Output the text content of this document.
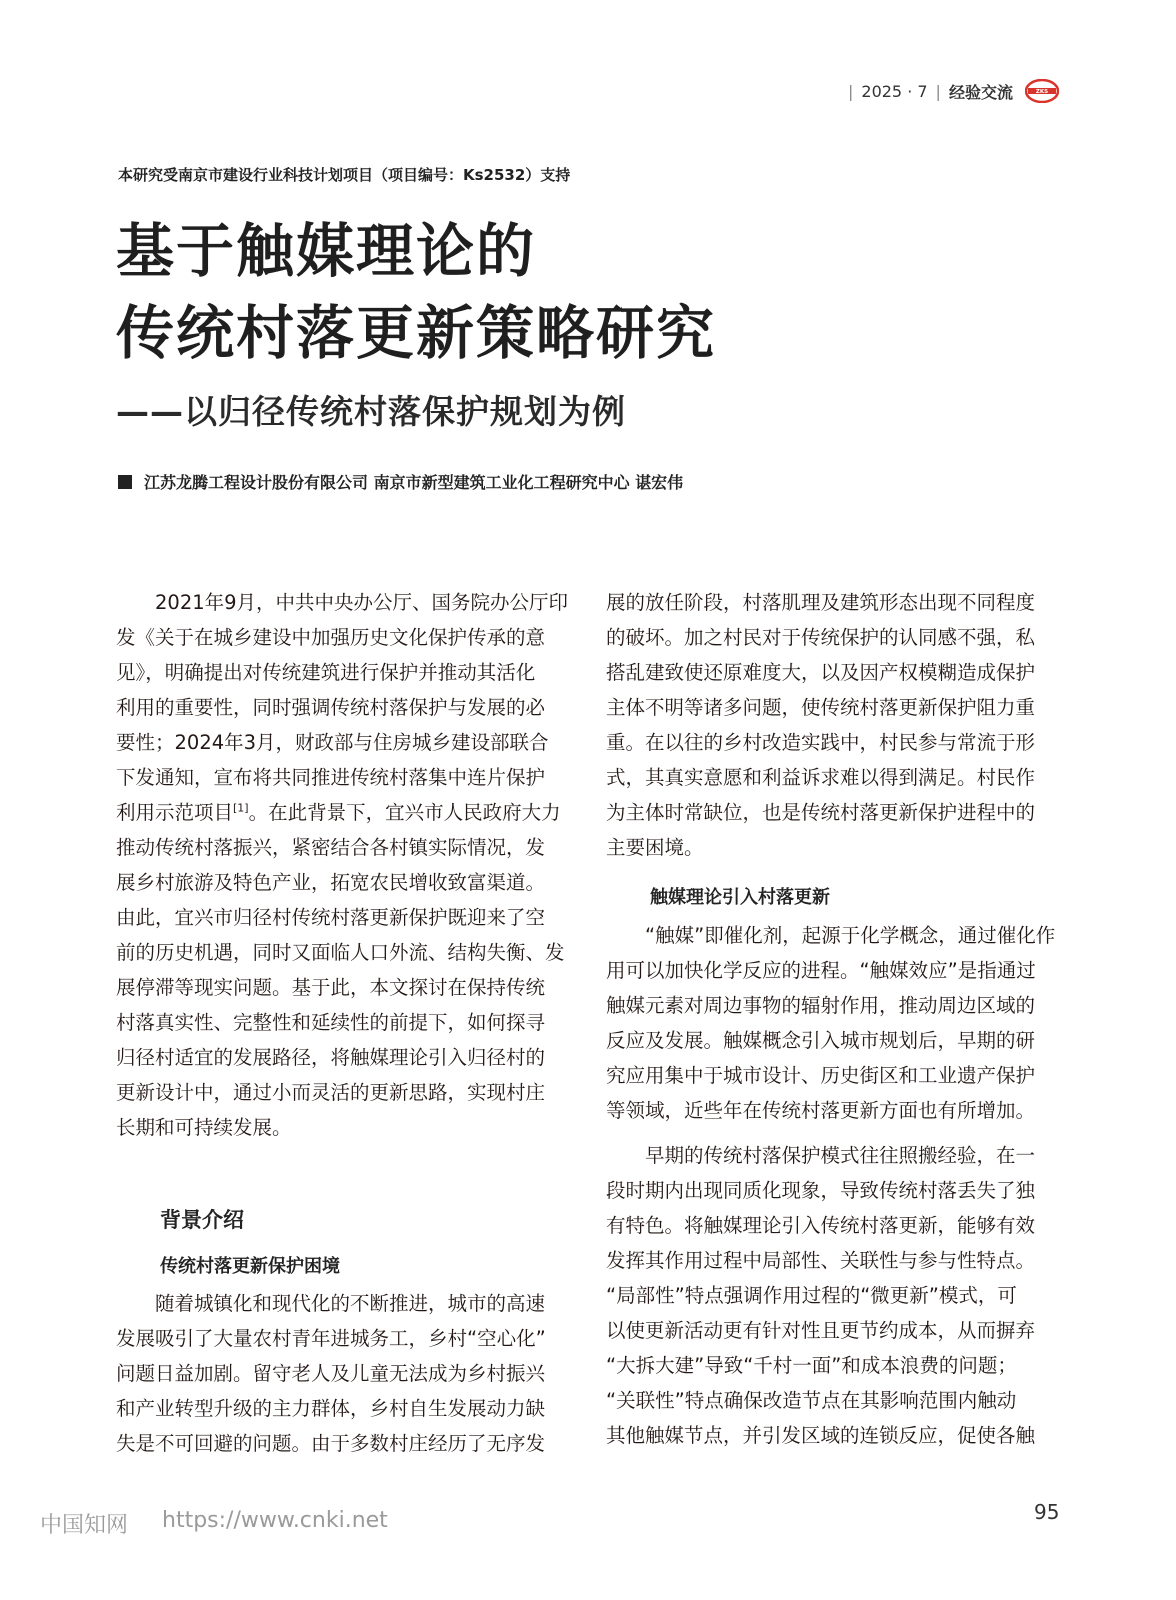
| 2025 · 7 | 经验交流	ZKS
本研究受南京市建设行业科技计划项目（项目编号：Ks2532）支持
基于触媒理论的
传统村落更新策略研究
——以归径传统村落保护规划为例
江苏龙腾工程设计股份有限公司 南京市新型建筑工业化工程研究中心 谌宏伟
　　2021年9月，中共中央办公厅、国务院办公厅印
发《关于在城乡建设中加强历史文化保护传承的意
见》，明确提出对传统建筑进行保护并推动其活化
利用的重要性，同时强调传统村落保护与发展的必
要性；2024年3月，财政部与住房城乡建设部联合
下发通知，宣布将共同推进传统村落集中连片保护
利用示范项目[1]。在此背景下，宜兴市人民政府大力
推动传统村落振兴，紧密结合各村镇实际情况，发
展乡村旅游及特色产业，拓宽农民增收致富渠道。
由此，宜兴市归径村传统村落更新保护既迎来了空
前的历史机遇，同时又面临人口外流、结构失衡、发
展停滞等现实问题。基于此，本文探讨在保持传统
村落真实性、完整性和延续性的前提下，如何探寻
归径村适宜的发展路径，将触媒理论引入归径村的
更新设计中，通过小而灵活的更新思路，实现村庄
长期和可持续发展。
背景介绍
传统村落更新保护困境
　　随着城镇化和现代化的不断推进，城市的高速
发展吸引了大量农村青年进城务工，乡村“空心化”
问题日益加剧。留守老人及儿童无法成为乡村振兴
和产业转型升级的主力群体，乡村自生发展动力缺
失是不可回避的问题。由于多数村庄经历了无序发
展的放任阶段，村落肌理及建筑形态出现不同程度
的破坏。加之村民对于传统保护的认同感不强，私
搭乱建致使还原难度大，以及因产权模糊造成保护
主体不明等诸多问题，使传统村落更新保护阻力重
重。在以往的乡村改造实践中，村民参与常流于形
式，其真实意愿和利益诉求难以得到满足。村民作
为主体时常缺位，也是传统村落更新保护进程中的
主要困境。
触媒理论引入村落更新
　　“触媒”即催化剂，起源于化学概念，通过催化作
用可以加快化学反应的进程。“触媒效应”是指通过
触媒元素对周边事物的辐射作用，推动周边区域的
反应及发展。触媒概念引入城市规划后，早期的研
究应用集中于城市设计、历史街区和工业遗产保护
等领域，近些年在传统村落更新方面也有所增加。
　　早期的传统村落保护模式往往照搬经验，在一
段时期内出现同质化现象，导致传统村落丢失了独
有特色。将触媒理论引入传统村落更新，能够有效
发挥其作用过程中局部性、关联性与参与性特点。
“局部性”特点强调作用过程的“微更新”模式，可
以使更新活动更有针对性且更节约成本，从而摒弃
“大拆大建”导致“千村一面”和成本浪费的问题；
“关联性”特点确保改造节点在其影响范围内触动
其他触媒节点，并引发区域的连锁反应，促使各触
中国知网 https://www.cnki.net	95
